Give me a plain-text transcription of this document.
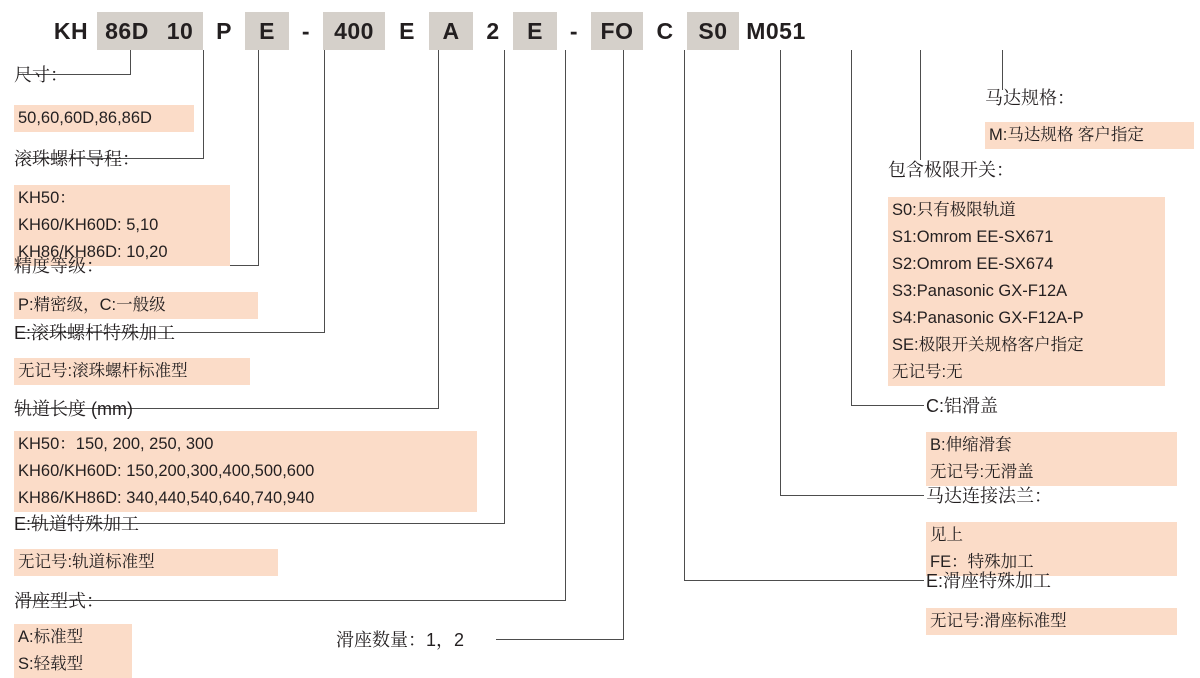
KH 86D 10 P	E	-	400	E	A	2	E	- FO C	S0 M051
尺寸：
50,60,60D,86,86D
滚珠螺杆导程：
KH50：
KH60/KH60D: 5,10
KH86/KH86D: 10,20
精度等级：
P:精密级，C:一般级
E:滚珠螺杆特殊加工
无记号:滚珠螺杆标准型
轨道长度 (mm)
KH50：150, 200, 250, 300
KH60/KH60D: 150,200,300,400,500,600
KH86/KH86D: 340,440,540,640,740,940
E:轨道特殊加工
无记号:轨道标准型
滑座型式：
A:标准型
S:轻载型
滑座数量：1，2
马达规格：
M:马达规格 客户指定
包含极限开关：
S0:只有极限轨道
S1:Omrom EE-SX671
S2:Omrom EE-SX674
S3:Panasonic GX-F12A
S4:Panasonic GX-F12A-P
SE:极限开关规格客户指定
无记号:无
C:铝滑盖
B:伸缩滑套
无记号:无滑盖
马达连接法兰：
见上
FE：特殊加工
E:滑座特殊加工
无记号:滑座标准型
